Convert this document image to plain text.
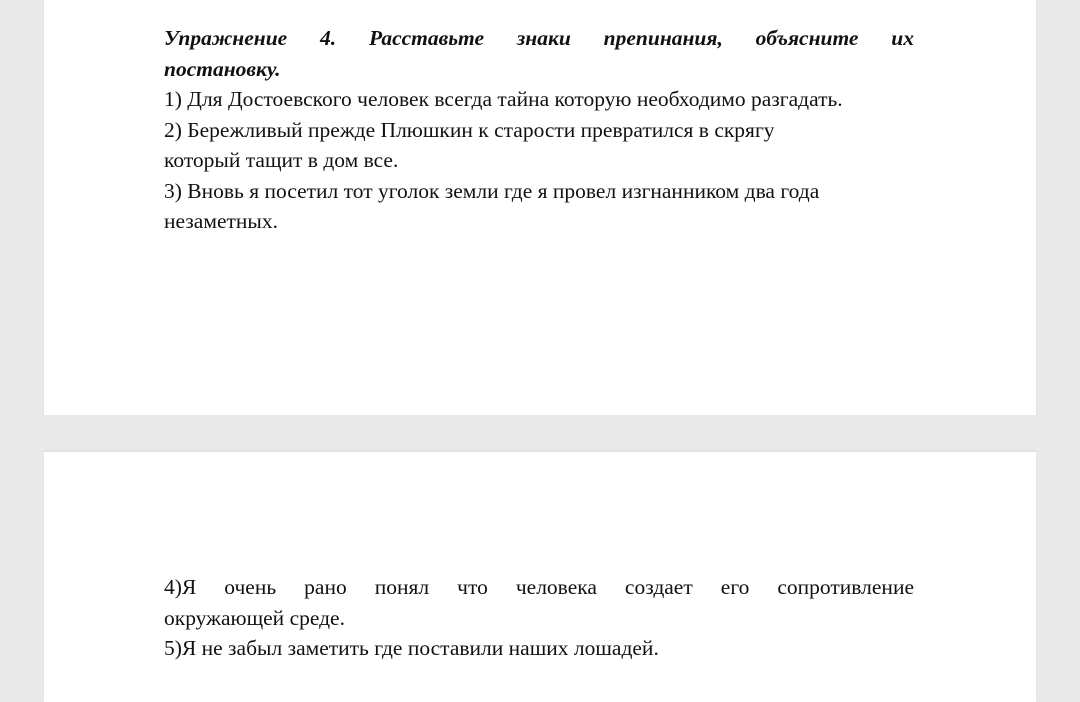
Упражнение 4. Расставьте знаки препинания, объясните их
постановку.
1) Для Достоевского человек всегда тайна которую необходимо разгадать.
2) Бережливый прежде Плюшкин к старости превратился в скрягу
который тащит в дом все.
3) Вновь я посетил тот уголок земли где я провел изгнанником два года
незаметных.
4)Я очень рано понял что человека создает его сопротивление
окружающей среде.
5)Я не забыл заметить где поставили наших лошадей.
